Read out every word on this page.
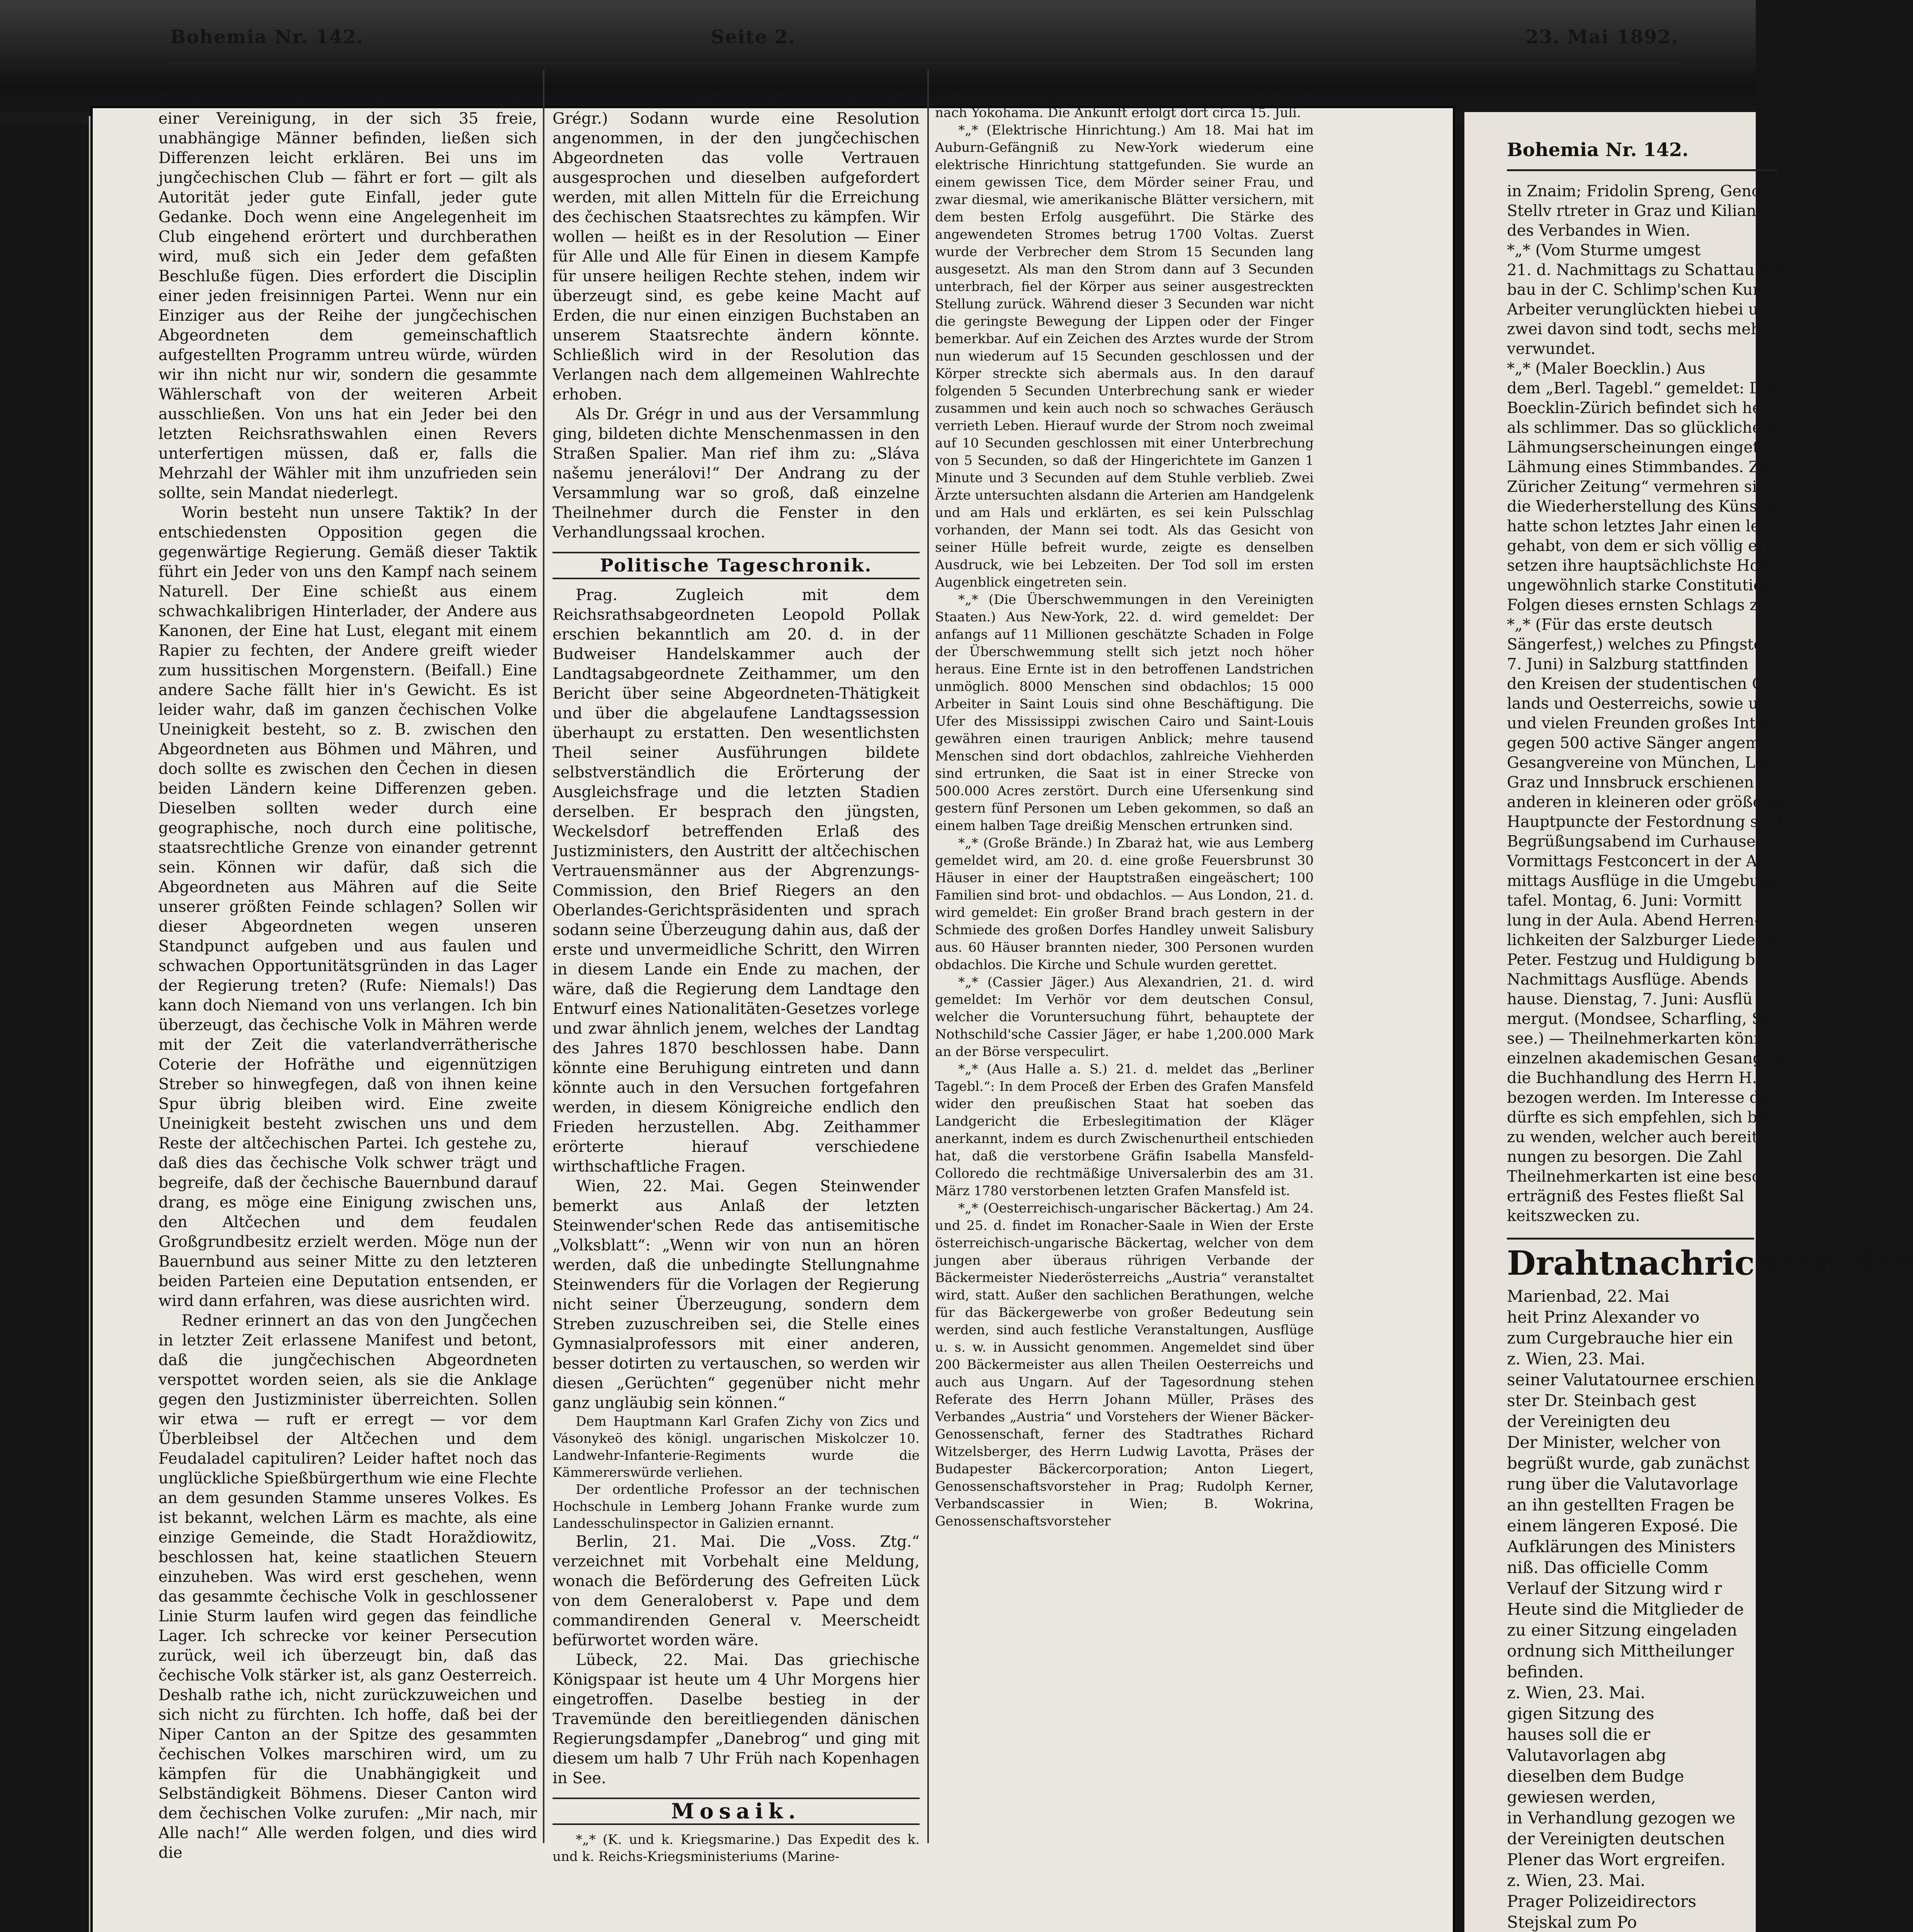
Bohemia Nr. 142.	Seite 2.	23. Mai 1892.

breiteten Nachrichten, daß im jungčechischen Club Uneinigkeit herrsche, seien unrichtig. In einer Vereinigung, in der sich 35 freie, unabhängige Männer befinden, ließen sich Differenzen leicht erklären. Bei uns im jungčechischen Club — fährt er fort — gilt als Autorität jeder gute Einfall, jeder gute Gedanke. Doch wenn eine Angelegenheit im Club eingehend erörtert und durchberathen wird, muß sich ein Jeder dem gefaßten Beschluße fügen. Dies erfordert die Disciplin einer jeden freisinnigen Partei. Wenn nur ein Einziger aus der Reihe der jungčechischen Abgeordneten dem gemeinschaftlich aufgestellten Programm untreu würde, würden wir ihn nicht nur wir, sondern die gesammte Wählerschaft von der weiteren Arbeit ausschließen. Von uns hat ein Jeder bei den letzten Reichsrathswahlen einen Revers unterfertigen müssen, daß er, falls die Mehrzahl der Wähler mit ihm unzufrieden sein sollte, sein Mandat niederlegt.

Worin besteht nun unsere Taktik? In der entschiedensten Opposition gegen die gegenwärtige Regierung. Gemäß dieser Taktik führt ein Jeder von uns den Kampf nach seinem Naturell. Der Eine schießt aus einem schwachkalibrigen Hinterlader, der Andere aus Kanonen, der Eine hat Lust, elegant mit einem Rapier zu fechten, der Andere greift wieder zum hussitischen Morgenstern. (Beifall.) Eine andere Sache fällt hier in's Gewicht. Es ist leider wahr, daß im ganzen čechischen Volke Uneinigkeit besteht, so z. B. zwischen den Abgeordneten aus Böhmen und Mähren, und doch sollte es zwischen den Čechen in diesen beiden Ländern keine Differenzen geben. Dieselben sollten weder durch eine geographische, noch durch eine politische, staatsrechtliche Grenze von einander getrennt sein. Können wir dafür, daß sich die Abgeordneten aus Mähren auf die Seite unserer größten Feinde schlagen? Sollen wir dieser Abgeordneten wegen unseren Standpunct aufgeben und aus faulen und schwachen Opportunitätsgründen in das Lager der Regierung treten? (Rufe: Niemals!) Das kann doch Niemand von uns verlangen. Ich bin überzeugt, das čechische Volk in Mähren werde mit der Zeit die vaterlandverrätherische Coterie der Hofräthe und eigennützigen Streber so hinwegfegen, daß von ihnen keine Spur übrig bleiben wird. Eine zweite Uneinigkeit besteht zwischen uns und dem Reste der altčechischen Partei. Ich gestehe zu, daß dies das čechische Volk schwer trägt und begreife, daß der čechische Bauernbund darauf drang, es möge eine Einigung zwischen uns, den Altčechen und dem feudalen Großgrundbesitz erzielt werden. Möge nun der Bauernbund aus seiner Mitte zu den letzteren beiden Parteien eine Deputation entsenden, er wird dann erfahren, was diese ausrichten wird.

Redner erinnert an das von den Jungčechen in letzter Zeit erlassene Manifest und betont, daß die jungčechischen Abgeordneten verspottet worden seien, als sie die Anklage gegen den Justizminister überreichten. Sollen wir etwa — ruft er erregt — vor dem Überbleibsel der Altčechen und dem Feudaladel capituliren? Leider haftet noch das unglückliche Spießbürgerthum wie eine Flechte an dem gesunden Stamme unseres Volkes. Es ist bekannt, welchen Lärm es machte, als eine einzige Gemeinde, die Stadt Horaždiowitz, beschlossen hat, keine staatlichen Steuern einzuheben. Was wird erst geschehen, wenn das gesammte čechische Volk in geschlossener Linie Sturm laufen wird gegen das feindliche Lager. Ich schrecke vor keiner Persecution zurück, weil ich überzeugt bin, daß das čechische Volk stärker ist, als ganz Oesterreich. Deshalb rathe ich, nicht zurückzuweichen und sich nicht zu fürchten. Ich hoffe, daß bei der Niper Canton an der Spitze des gesammten čechischen Volkes marschiren wird, um zu kämpfen für die Unabhängigkeit und Selbständigkeit Böhmens. Dieser Canton wird dem čechischen Volke zurufen: „Mir nach, mir Alle nach!“ Alle werden folgen, und dies wird die

beste Eintracht unter uns sein! (Langandauernder Beifall. Slávarufe auf Dr. Grégr.) Sodann wurde eine Resolution angenommen, in der den jungčechischen Abgeordneten das volle Vertrauen ausgesprochen und dieselben aufgefordert werden, mit allen Mitteln für die Erreichung des čechischen Staatsrechtes zu kämpfen. Wir wollen — heißt es in der Resolution — Einer für Alle und Alle für Einen in diesem Kampfe für unsere heiligen Rechte stehen, indem wir überzeugt sind, es gebe keine Macht auf Erden, die nur einen einzigen Buchstaben an unserem Staatsrechte ändern könnte. Schließlich wird in der Resolution das Verlangen nach dem allgemeinen Wahlrechte erhoben.

Als Dr. Grégr in und aus der Versammlung ging, bildeten dichte Menschenmassen in den Straßen Spalier. Man rief ihm zu: „Sláva našemu jenerálovi!“ Der Andrang zu der Versammlung war so groß, daß einzelne Theilnehmer durch die Fenster in den Verhandlungssaal krochen.

Politische Tageschronik.

Prag. Zugleich mit dem Reichsrathsabgeordneten Leopold Pollak erschien bekanntlich am 20. d. in der Budweiser Handelskammer auch der Landtagsabgeordnete Zeithammer, um den Bericht über seine Abgeordneten-Thätigkeit und über die abgelaufene Landtagssession überhaupt zu erstatten. Den wesentlichsten Theil seiner Ausführungen bildete selbstverständlich die Erörterung der Ausgleichsfrage und die letzten Stadien derselben. Er besprach den jüngsten, Weckelsdorf betreffenden Erlaß des Justizministers, den Austritt der altčechischen Vertrauensmänner aus der Abgrenzungs-Commission, den Brief Riegers an den Oberlandes-Gerichtspräsidenten und sprach sodann seine Überzeugung dahin aus, daß der erste und unvermeidliche Schritt, den Wirren in diesem Lande ein Ende zu machen, der wäre, daß die Regierung dem Landtage den Entwurf eines Nationalitäten-Gesetzes vorlege und zwar ähnlich jenem, welches der Landtag des Jahres 1870 beschlossen habe. Dann könnte eine Beruhigung eintreten und dann könnte auch in den Versuchen fortgefahren werden, in diesem Königreiche endlich den Frieden herzustellen. Abg. Zeithammer erörterte hierauf verschiedene wirthschaftliche Fragen.

Wien, 22. Mai. Gegen Steinwender bemerkt aus Anlaß der letzten Steinwender'schen Rede das antisemitische „Volksblatt“: „Wenn wir von nun an hören werden, daß die unbedingte Stellungnahme Steinwenders für die Vorlagen der Regierung nicht seiner Überzeugung, sondern dem Streben zuzuschreiben sei, die Stelle eines Gymnasialprofessors mit einer anderen, besser dotirten zu vertauschen, so werden wir diesen „Gerüchten“ gegenüber nicht mehr ganz ungläubig sein können.“

Dem Hauptmann Karl Grafen Zichy von Zics und Vásonykeö des königl. ungarischen Miskolczer 10. Landwehr-Infanterie-Regiments wurde die Kämmererswürde verliehen.

Der ordentliche Professor an der technischen Hochschule in Lemberg Johann Franke wurde zum Landesschulinspector in Galizien ernannt.

Berlin, 21. Mai. Die „Voss. Ztg.“ verzeichnet mit Vorbehalt eine Meldung, wonach die Beförderung des Gefreiten Lück von dem Generaloberst v. Pape und dem commandirenden General v. Meerscheidt befürwortet worden wäre.

Lübeck, 22. Mai. Das griechische Königspaar ist heute um 4 Uhr Morgens hier eingetroffen. Daselbe bestieg in der Travemünde den bereitliegenden dänischen Regierungsdampfer „Danebrog“ und ging mit diesem um halb 7 Uhr Früh nach Kopenhagen in See.

Mosaik.

*„* (K. und k. Kriegsmarine.) Das Expedit des k. und k. Reichs-Kriegsministeriums (Marine-

Section) versendet die Post an Sr. Majestät Schiff „Fasana“ Montag, den 13. Juni d. J., via Queenstown nach Yokohama. Die Ankunft erfolgt dort circa 15. Juli.

*„* (Elektrische Hinrichtung.) Am 18. Mai hat im Auburn-Gefängniß zu New-York wiederum eine elektrische Hinrichtung stattgefunden. Sie wurde an einem gewissen Tice, dem Mörder seiner Frau, und zwar diesmal, wie amerikanische Blätter versichern, mit dem besten Erfolg ausgeführt. Die Stärke des angewendeten Stromes betrug 1700 Voltas. Zuerst wurde der Verbrecher dem Strom 15 Secunden lang ausgesetzt. Als man den Strom dann auf 3 Secunden unterbrach, fiel der Körper aus seiner ausgestreckten Stellung zurück. Während dieser 3 Secunden war nicht die geringste Bewegung der Lippen oder der Finger bemerkbar. Auf ein Zeichen des Arztes wurde der Strom nun wiederum auf 15 Secunden geschlossen und der Körper streckte sich abermals aus. In den darauf folgenden 5 Secunden Unterbrechung sank er wieder zusammen und kein auch noch so schwaches Geräusch verrieth Leben. Hierauf wurde der Strom noch zweimal auf 10 Secunden geschlossen mit einer Unterbrechung von 5 Secunden, so daß der Hingerichtete im Ganzen 1 Minute und 3 Secunden auf dem Stuhle verblieb. Zwei Ärzte untersuchten alsdann die Arterien am Handgelenk und am Hals und erklärten, es sei kein Pulsschlag vorhanden, der Mann sei todt. Als das Gesicht von seiner Hülle befreit wurde, zeigte es denselben Ausdruck, wie bei Lebzeiten. Der Tod soll im ersten Augenblick eingetreten sein.

*„* (Die Überschwemmungen in den Vereinigten Staaten.) Aus New-York, 22. d. wird gemeldet: Der anfangs auf 11 Millionen geschätzte Schaden in Folge der Überschwemmung stellt sich jetzt noch höher heraus. Eine Ernte ist in den betroffenen Landstrichen unmöglich. 8000 Menschen sind obdachlos; 15 000 Arbeiter in Saint Louis sind ohne Beschäftigung. Die Ufer des Mississippi zwischen Cairo und Saint-Louis gewähren einen traurigen Anblick; mehre tausend Menschen sind dort obdachlos, zahlreiche Viehherden sind ertrunken, die Saat ist in einer Strecke von 500.000 Acres zerstört. Durch eine Ufersenkung sind gestern fünf Personen um Leben gekommen, so daß an einem halben Tage dreißig Menschen ertrunken sind.

*„* (Große Brände.) In Zbaraż hat, wie aus Lemberg gemeldet wird, am 20. d. eine große Feuersbrunst 30 Häuser in einer der Hauptstraßen eingeäschert; 100 Familien sind brot- und obdachlos. — Aus London, 21. d. wird gemeldet: Ein großer Brand brach gestern in der Schmiede des großen Dorfes Handley unweit Salisbury aus. 60 Häuser brannten nieder, 300 Personen wurden obdachlos. Die Kirche und Schule wurden gerettet.

*„* (Cassier Jäger.) Aus Alexandrien, 21. d. wird gemeldet: Im Verhör vor dem deutschen Consul, welcher die Voruntersuchung führt, behauptete der Nothschild'sche Cassier Jäger, er habe 1,200.000 Mark an der Börse verspeculirt.

*„* (Aus Halle a. S.) 21. d. meldet das „Berliner Tagebl.“: In dem Proceß der Erben des Grafen Mansfeld wider den preußischen Staat hat soeben das Landgericht die Erbeslegitimation der Kläger anerkannt, indem es durch Zwischenurtheil entschieden hat, daß die verstorbene Gräfin Isabella Mansfeld-Colloredo die rechtmäßige Universalerbin des am 31. März 1780 verstorbenen letzten Grafen Mansfeld ist.

*„* (Oesterreichisch-ungarischer Bäckertag.) Am 24. und 25. d. findet im Ronacher-Saale in Wien der Erste österreichisch-ungarische Bäckertag, welcher von dem jungen aber überaus rührigen Verbande der Bäckermeister Niederösterreichs „Austria“ veranstaltet wird, statt. Außer den sachlichen Berathungen, welche für das Bäckergewerbe von großer Bedeutung sein werden, sind auch festliche Veranstaltungen, Ausflüge u. s. w. in Aussicht genommen. Angemeldet sind über 200 Bäckermeister aus allen Theilen Oesterreichs und auch aus Ungarn. Auf der Tagesordnung stehen Referate des Herrn Johann Müller, Präses des Verbandes „Austria“ und Vorstehers der Wiener Bäcker-Genossenschaft, ferner des Stadtrathes Richard Witzelsberger, des Herrn Ludwig Lavotta, Präses der Budapester Bäckercorporation; Anton Liegert, Genossenschaftsvorsteher in Prag; Rudolph Kerner, Verbandscassier in Wien; B. Wokrina, Genossenschaftsvorsteher

Bohemia Nr. 142.

in Znaim; Fridolin Spreng, Genoss

Stellv rtreter in Graz und Kilian S

des Verbandes in Wien.

*„* (Vom Sturme umgest

21. d. Nachmittags zu Schattau bei

bau in der C. Schlimp'schen Kun

Arbeiter verunglückten hiebei unter

zwei davon sind todt, sechs mehr o

verwundet.

*„* (Maler Boecklin.) Aus

dem „Berl. Tagebl.“ gemeldet: Der

Boecklin-Zürich befindet sich heute

als schlimmer. Das so glücklicherw

Lähmungserscheinungen eingetreten,

Lähmung eines Stimmbandes. Zuf

Züricher Zeitung“ vermehren sich

die Wiederherstellung des Künstlers

hatte schon letztes Jahr einen le

gehabt, von dem er sich völlig erhol

setzen ihre hauptsächlichste Hoffnu

ungewöhnlich starke Constitution, die

Folgen dieses ernsten Schlags zu ü

*„* (Für das erste deutsch

Sängerfest,) welches zu Pfingste

7. Juni) in Salzburg stattfinden

den Kreisen der studentischen Ges

lands und Oesterreichs, sowie unter

und vielen Freunden großes Inter

gegen 500 active Sänger angemeld

Gesangvereine von München, Lei

Graz und Innsbruck erschienen co

anderen in kleineren oder größeren

Hauptpuncte der Festordnung sind

Begrüßungsabend im Curhause.

Vormittags Festconcert in der Aul

mittags Ausflüge in die Umgebung

tafel. Montag, 6. Juni: Vormitt

lung in der Aula. Abend Herren-

lichkeiten der Salzburger Liederta

Peter. Festzug und Huldigung bei

Nachmittags Ausflüge. Abends

hause. Dienstag, 7. Juni: Ausflü

mergut. (Mondsee, Scharfling, St

see.) — Theilnehmerkarten können

einzelnen akademischen Gesangver

die Buchhandlung des Herrn H. S

bezogen werden. Im Interesse de

dürfte es sich empfehlen, sich bir

zu wenden, welcher auch bereit is

nungen zu besorgen. Die Zahl

Theilnehmerkarten ist eine beschrä

erträgniß des Festes fließt Sal

keitszwecken zu.

Drahtnachrichten der

Marienbad, 22. Mai

heit Prinz Alexander vo

zum Curgebrauche hier ein

z. Wien, 23. Mai.

seiner Valutatournee erschien

ster Dr. Steinbach gest

der Vereinigten deu

Der Minister, welcher von

begrüßt wurde, gab zunächst

rung über die Valutavorlage

an ihn gestellten Fragen be

einem längeren Exposé. Die

Aufklärungen des Ministers

niß. Das officielle Comm

Verlauf der Sitzung wird r

Heute sind die Mitglieder de

zu einer Sitzung eingeladen

ordnung sich Mittheilunger

befinden.

z. Wien, 23. Mai.

gigen Sitzung des

hauses soll die er

Valutavorlagen abg

dieselben dem Budge

gewiesen werden,

in Verhandlung gezogen we

der Vereinigten deutschen

Plener das Wort ergreifen.

z. Wien, 23. Mai.

Prager Polizeidirectors

Stejskal zum Po
